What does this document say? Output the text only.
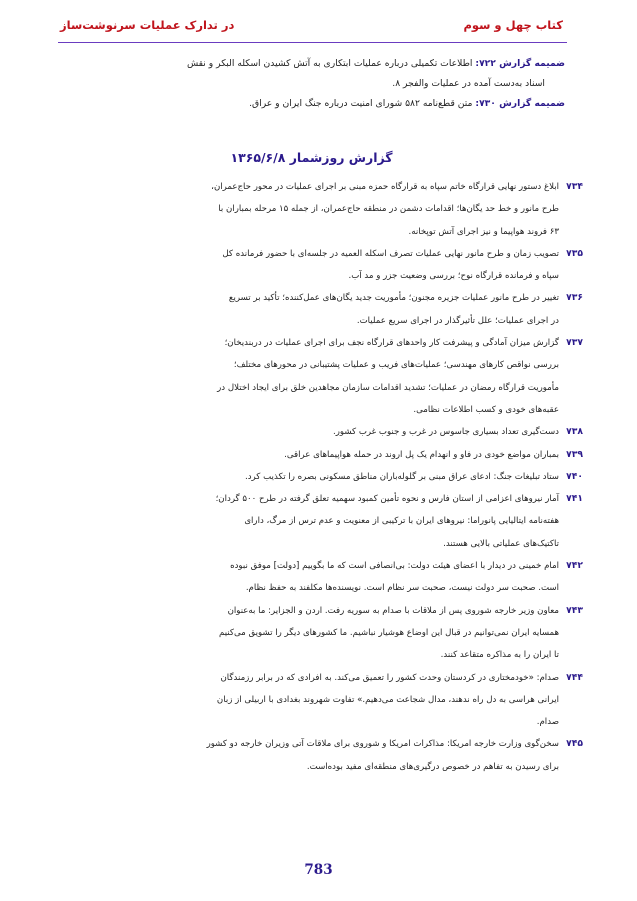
کتاب چهل و سوم
در تدارک عملیات سرنوشت‌ساز

ضمیمه گزارش ۷۲۲: اطلاعات تکمیلی درباره عملیات ابتکاری به آتش کشیدن اسکله البکر و نقش

اسناد به‌دست آمده در عملیات والفجر ۸.

ضمیمه گزارش ۷۳۰: متن قطع‌نامه ۵۸۲ شورای امنیت درباره جنگ ایران و عراق.

گزارش روزشمار ۱۳۶۵/۶/۸
۷۳۴ابلاغ دستور نهایی قرارگاه خاتم سپاه به قرارگاه حمزه مبنی بر اجرای عملیات در محور حاج‌عمران،
طرح مانور و خط حد یگان‌ها؛ اقدامات دشمن در منطقه حاج‌عمران، از جمله ۱۵ مرحله بمباران با
۶۳ فروند هواپیما و نیز اجرای آتش توپخانه.
۷۳۵تصویب زمان و طرح مانور نهایی عملیات تصرف اسکله العمیه در جلسه‌ای با حضور فرمانده کل
سپاه و فرمانده قرارگاه نوح؛ بررسی وضعیت جزر و مد آب.
۷۳۶تغییر در طرح مانور عملیات جزیره مجنون؛ مأموریت جدید یگان‌های عمل‌کننده؛ تأکید بر تسریع
در اجرای عملیات؛ علل تأثیرگذار در اجرای سریع عملیات.
۷۳۷گزارش میزان آمادگی و پیشرفت کار واحدهای قرارگاه نجف برای اجرای عملیات در دربندیخان؛
بررسی نواقص کارهای مهندسی؛ عملیات‌های فریب و عملیات پشتیبانی در محورهای مختلف؛
مأموریت قرارگاه رمضان در عملیات؛ تشدید اقدامات سازمان مجاهدین خلق برای ایجاد اختلال در
عقبه‌های خودی و کسب اطلاعات نظامی.
۷۳۸دست‌گیری تعداد بسیاری جاسوس در غرب و جنوب غرب کشور.
۷۳۹بمباران مواضع خودی در فاو و انهدام یک پل اروند در حمله هواپیماهای عراقی.
۷۴۰ستاد تبلیغات جنگ: ادعای عراق مبنی بر گلوله‌باران مناطق مسکونی بصره را تکذیب کرد.
۷۴۱آمار نیروهای اعزامی از استان فارس و نحوه تأمین کمبود سهمیه تعلق گرفته در طرح ۵۰۰ گردان؛
هفته‌نامه ایتالیایی پانوراما: نیروهای ایران با ترکیبی از معنویت و عدم ترس از مرگ، دارای
تاکتیک‌های عملیاتی بالایی هستند.
۷۴۲امام خمینی در دیدار با اعضای هیئت دولت: بی‌انصافی است که ما بگوییم [دولت] موفق نبوده
است. صحبت سر دولت نیست، صحبت سر نظام است. نویسنده‌ها مکلفند به حفظ نظام.
۷۴۳معاون وزیر خارجه شوروی پس از ملاقات با صدام به سوریه رفت. اردن و الجزایر: ما به‌عنوان
همسایه ایران نمی‌توانیم در قبال این اوضاع هوشیار نباشیم. ما کشورهای دیگر را تشویق می‌کنیم
تا ایران را به مذاکره متقاعد کنند.
۷۴۴صدام: «خودمختاری در کردستان وحدت کشور را تعمیق می‌کند. به افرادی که در برابر رزمندگان
ایرانی هراسی به دل راه ندهند، مدال شجاعت می‌دهیم.» تفاوت شهروند بغدادی با اربیلی از زبان
صدام.
۷۴۵سخن‌گوی وزارت خارجه امریکا: مذاکرات امریکا و شوروی برای ملاقات آتی وزیران خارجه دو کشور
برای رسیدن به تفاهم در خصوص درگیری‌های منطقه‌ای مفید بوده‌است.
783
